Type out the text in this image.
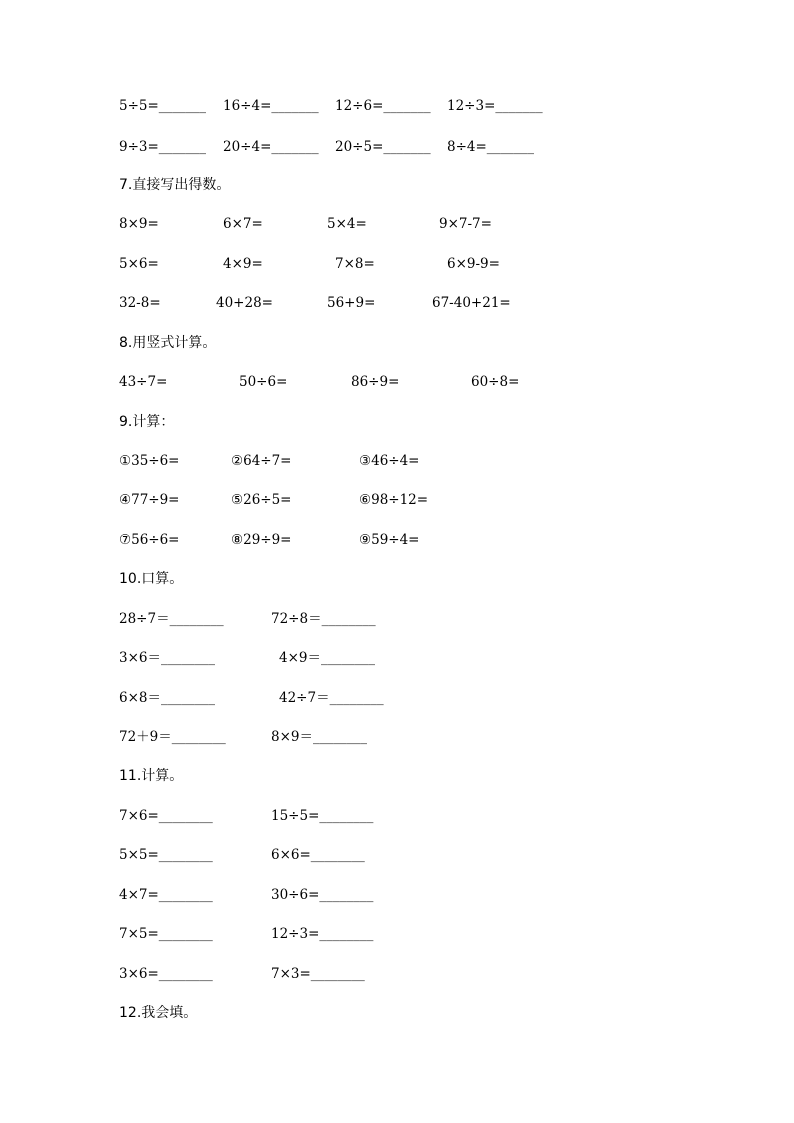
5÷5=_______ 16÷4=_______ 12÷6=_______ 12÷3=_______
9÷3=_______ 20÷4=_______ 20÷5=_______ 8÷4=_______
7.直接写出得数。
8×9=	6×7=	5×4=	9×7-7=
5×6=	4×9=	7×8=	6×9-9=
32-8=	40+28=	56+9=	67-40+21=
8.用竖式计算。
43÷7=	50÷6=	86÷9=	60÷8=
9.计算：
①35÷6=	②64÷7=	③46÷4=
④77÷9=	⑤26÷5=	⑥98÷12=
⑦56÷6=	⑧29÷9=	⑨59÷4=
10.口算。
28÷7＝________	72÷8＝________
3×6＝________	4×9＝________
6×8＝________	42÷7＝________
72＋9＝________	8×9＝________
11.计算。
7×6=________	15÷5=________
5×5=________	6×6=________
4×7=________	30÷6=________
7×5=________	12÷3=________
3×6=________	7×3=________
12.我会填。
